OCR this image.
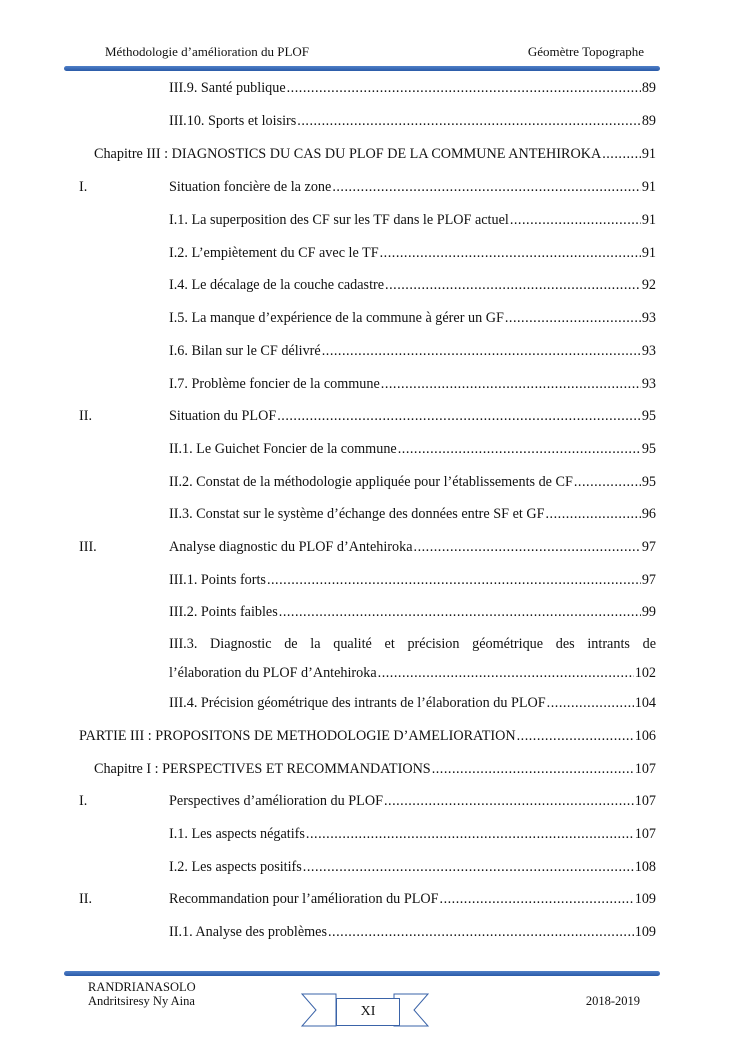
Méthodologie d’amélioration du PLOF	Géomètre Topographe
III.9. Santé publique .....	89
III.10. Sports et loisirs .....	89
Chapitre III : DIAGNOSTICS DU CAS DU PLOF DE LA COMMUNE ANTEHIROKA .....	91
I.	Situation foncière de la zone .....	91
I.1. La superposition des CF sur les TF dans le PLOF actuel .....	91
I.2. L’empiètement du CF avec le TF .....	91
I.4. Le décalage de la couche cadastre .....	92
I.5. La manque d’expérience de la commune à gérer un GF .....	93
I.6. Bilan sur le CF délivré .....	93
I.7. Problème foncier de la commune .....	93
II.	Situation du PLOF .....	95
II.1. Le Guichet Foncier de la commune .....	95
II.2. Constat de la méthodologie appliquée pour l’établissements de CF .....	95
II.3. Constat sur le système d’échange des données entre SF et GF .....	96
III.	Analyse diagnostic du PLOF d’Antehiroka .....	97
III.1. Points forts .....	97
III.2. Points faibles .....	99
III.3. Diagnostic de la qualité et précision géométrique des intrants de
l’élaboration du PLOF d’Antehiroka .....	102
III.4. Précision géométrique des intrants de l’élaboration du PLOF .....	104
PARTIE III : PROPOSITONS DE METHODOLOGIE D’AMELIORATION .....	106
Chapitre I : PERSPECTIVES ET RECOMMANDATIONS .....	107
I.	Perspectives d’amélioration du PLOF .....	107
I.1. Les aspects négatifs .....	107
I.2. Les aspects positifs .....	108
II.	Recommandation pour l’amélioration du PLOF .....	109
II.1. Analyse des problèmes .....	109
RANDRIANASOLO
Andritsiresy Ny Aina
XI
2018-2019
